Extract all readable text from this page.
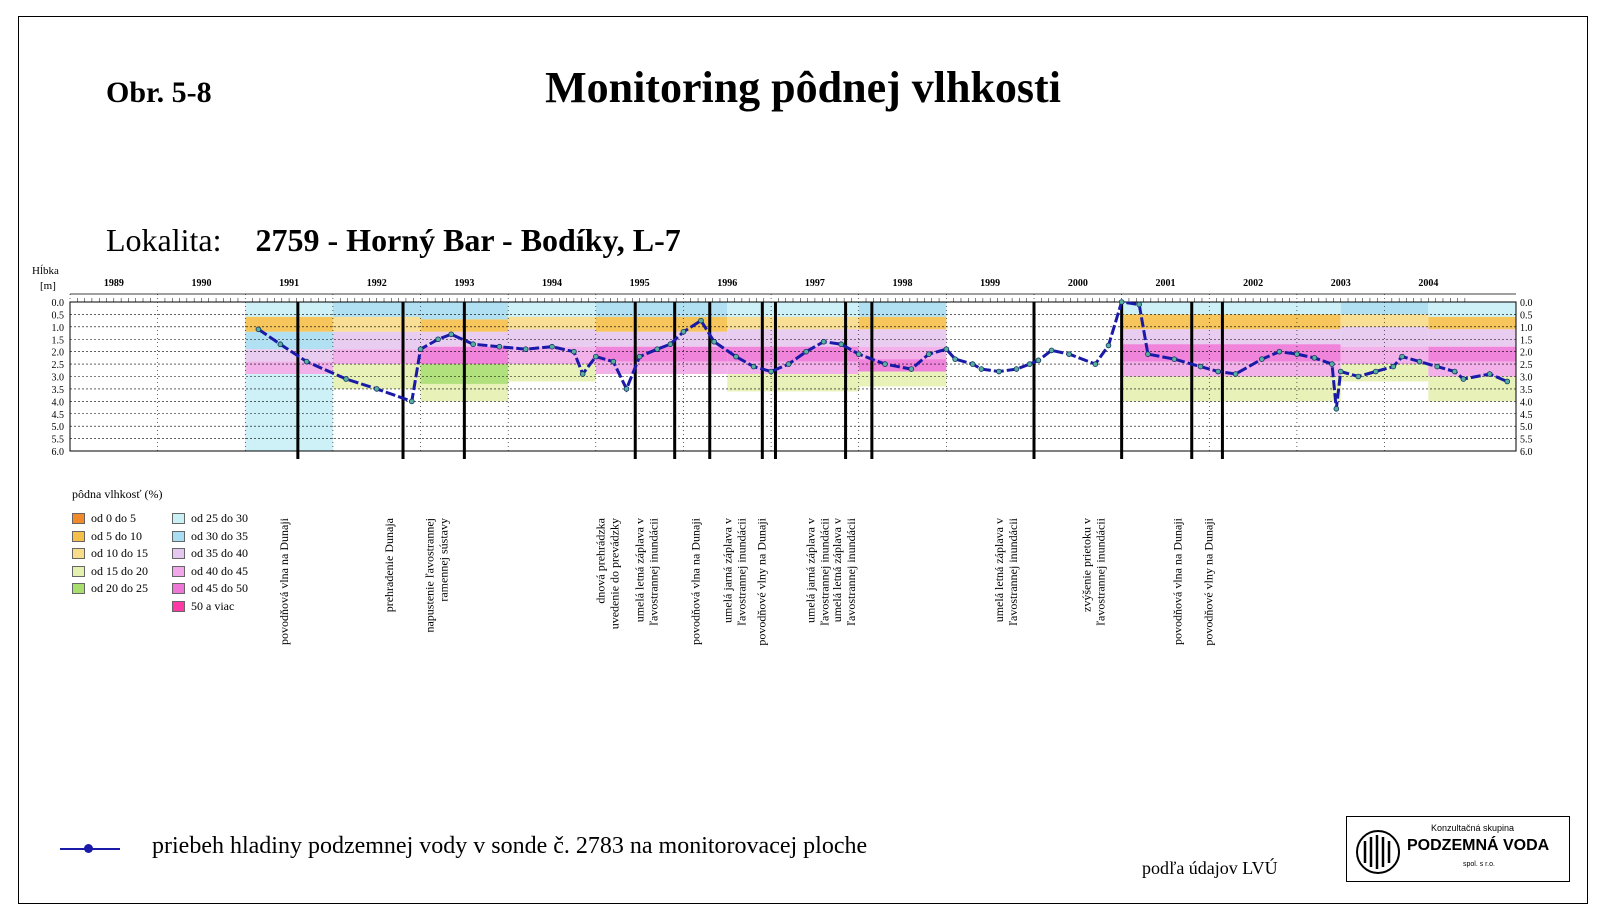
Obr. 5-8	Monitoring pôdnej vlhkosti
Lokalita: 2759 - Horný Bar - Bodíky, L-7
0.0	0.0
0.5	0.5
1.0	1.0
1.5	1.5
2.0	2.0
2.5	2.5
3.0	3.0
3.5	3.5
4.0	4.0
4.5	4.5
5.0	5.0
5.5	5.5
6.0	6.0
1989	1990	1991	1992	1993	1994	1995	1996	1997	1998	1999	2000	2001	2002	2003	2004
Hĺbka
[m]
povodňová vlna na Dunaji	prehradenie Dunaja napustenie ľavostrannejramennej sústavy	dnová prehrádzkauvedenie do prevádzky umelá letná záplava vľavostrannej inundácii povodňová vlna na Dunaji umelá jarná záplava vľavostrannej inundácii povodňové vlny na Dunaji	umelá jarná záplava vľavostrannej inundácii
umelá letná záplava vľavostrannej inundácii	umelá letná záplava vľavostrannej inundácii	zvýšenie prietoku vľavostrannej inundácii	povodňová vlna na Dunaji povodňové vlny na Dunaji
pôdna vlhkosť (%)
od 0 do 5
od 5 do 10
od 10 do 15
od 15 do 20
od 20 do 25
od 25 do 30
od 30 do 35
od 35 do 40
od 40 do 45
od 45 do 50
50 a viac
priebeh hladiny podzemnej vody v sonde č. 2783 na monitorovacej ploche
podľa údajov LVÚ
Konzultačná skupina
PODZEMNÁ VODA
spol. s r.o.
